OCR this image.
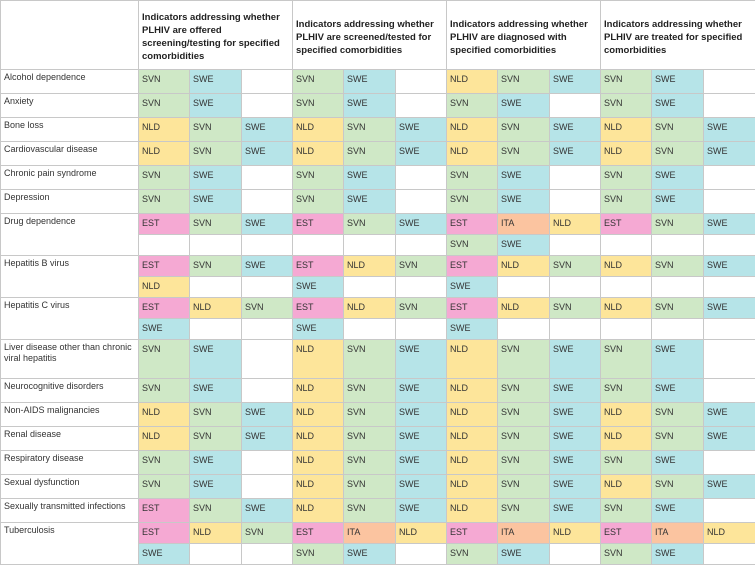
	Indicators addressing whether PLHIV are offered screening/testing for specified comorbidities			Indicators addressing whether PLHIV are screened/tested for specified comorbidities			Indicators addressing whether PLHIV are diagnosed with specified comorbidities			Indicators addressing whether PLHIV are treated for specified comorbidities		
Alcohol dependence	SVN	SWE		SVN	SWE		NLD	SVN	SWE	SVN	SWE	
Anxiety	SVN	SWE		SVN	SWE		SVN	SWE		SVN	SWE	
Bone loss	NLD	SVN	SWE	NLD	SVN	SWE	NLD	SVN	SWE	NLD	SVN	SWE
Cardiovascular disease	NLD	SVN	SWE	NLD	SVN	SWE	NLD	SVN	SWE	NLD	SVN	SWE
Chronic pain syndrome	SVN	SWE		SVN	SWE		SVN	SWE		SVN	SWE	
Depression	SVN	SWE		SVN	SWE		SVN	SWE		SVN	SWE	
Drug dependence	EST	SVN	SWE	EST	SVN	SWE	EST	ITA	NLD	EST	SVN	SWE
							SVN	SWE				
Hepatitis B virus	EST	SVN	SWE	EST	NLD	SVN	EST	NLD	SVN	NLD	SVN	SWE
	NLD			SWE			SWE					
Hepatitis C virus	EST	NLD	SVN	EST	NLD	SVN	EST	NLD	SVN	NLD	SVN	SWE
	SWE			SWE			SWE					
Liver disease other than chronic viral hepatitis	SVN	SWE		NLD	SVN	SWE	NLD	SVN	SWE	SVN	SWE	
Neurocognitive disorders	SVN	SWE		NLD	SVN	SWE	NLD	SVN	SWE	SVN	SWE	
Non-AIDS malignancies	NLD	SVN	SWE	NLD	SVN	SWE	NLD	SVN	SWE	NLD	SVN	SWE
Renal disease	NLD	SVN	SWE	NLD	SVN	SWE	NLD	SVN	SWE	NLD	SVN	SWE
Respiratory disease	SVN	SWE		NLD	SVN	SWE	NLD	SVN	SWE	SVN	SWE	
Sexual dysfunction	SVN	SWE		NLD	SVN	SWE	NLD	SVN	SWE	NLD	SVN	SWE
Sexually transmitted infections	EST	SVN	SWE	NLD	SVN	SWE	NLD	SVN	SWE	SVN	SWE	
Tuberculosis	EST	NLD	SVN	EST	ITA	NLD	EST	ITA	NLD	EST	ITA	NLD
	SWE			SVN	SWE		SVN	SWE		SVN	SWE	
